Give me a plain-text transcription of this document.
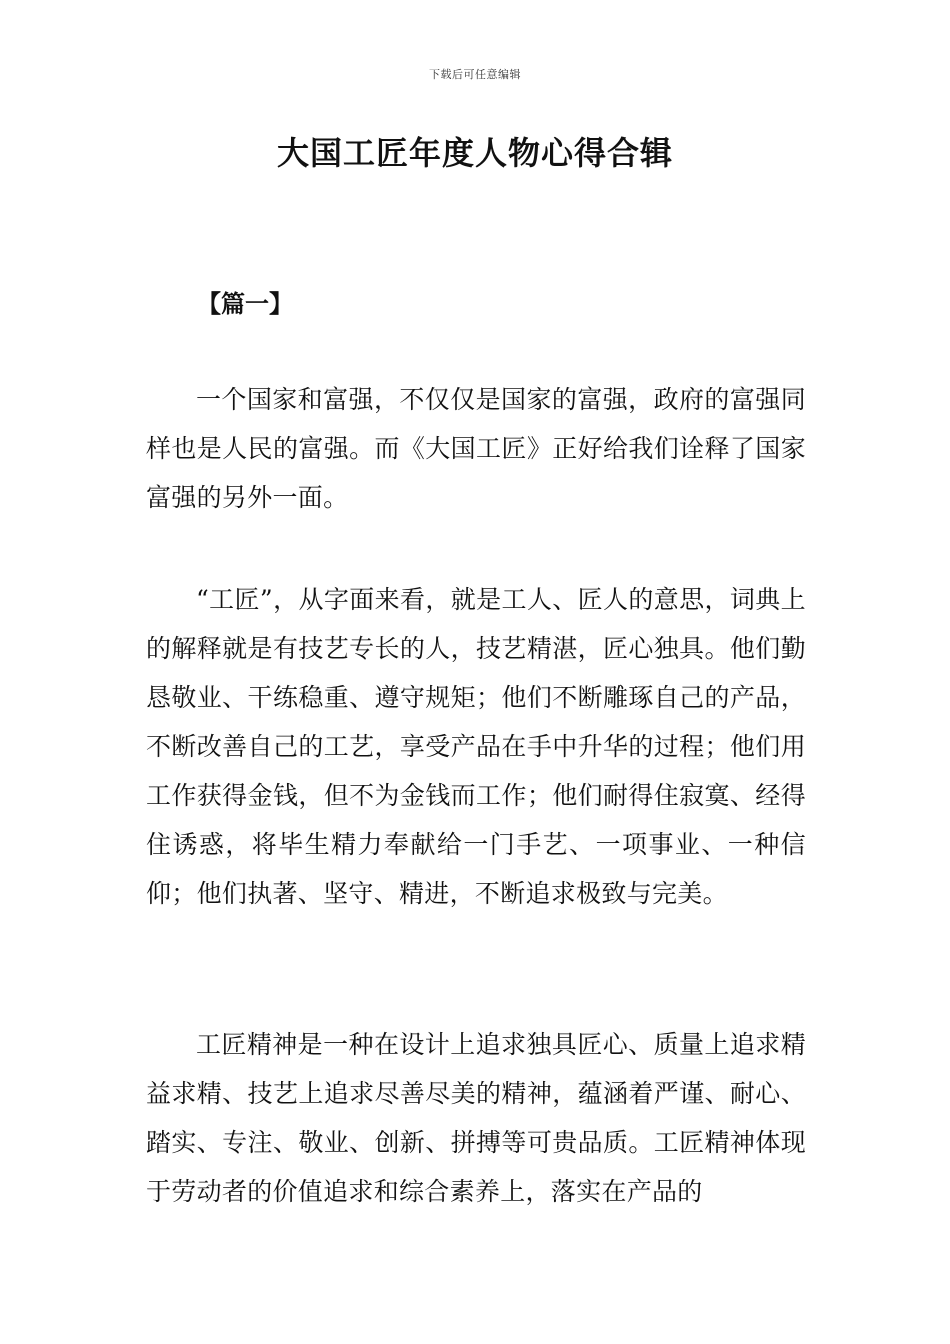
下载后可任意编辑
大国工匠年度人物心得合辑
【篇一】

一个国家和富强，不仅仅是国家的富强，政府的富强同样也是人民的富强。而《大国工匠》正好给我们诠释了国家富强的另外一面。

“工匠”，从字面来看，就是工人、匠人的意思，词典上的解释就是有技艺专长的人，技艺精湛，匠心独具。他们勤恳敬业、干练稳重、遵守规矩；他们不断雕琢自己的产品，不断改善自己的工艺，享受产品在手中升华的过程；他们用工作获得金钱，但不为金钱而工作；他们耐得住寂寞、经得住诱惑，将毕生精力奉献给一门手艺、一项事业、一种信仰；他们执著、坚守、精进，不断追求极致与完美。

工匠精神是一种在设计上追求独具匠心、质量上追求精益求精、技艺上追求尽善尽美的精神，蕴涵着严谨、耐心、踏实、专注、敬业、创新、拼搏等可贵品质。工匠精神体现于劳动者的价值追求和综合素养上，落实在产品的
